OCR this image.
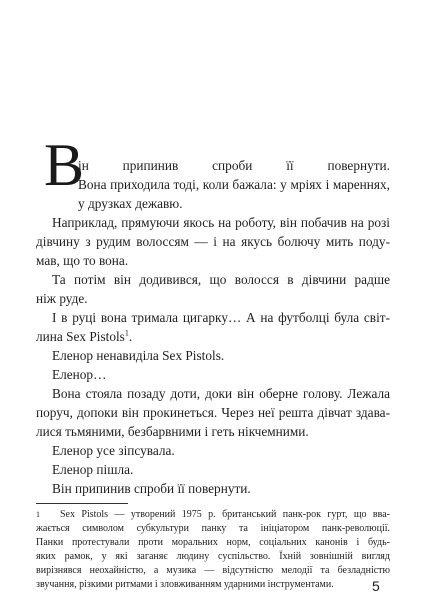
В
ін припинив спроби її повернути.
Вона приходила тоді, коли бажала: у мріях і мареннях,
у друзках дежавю.
Наприклад, прямуючи якось на роботу, він побачив на розі
дівчину з рудим волоссям — і на якусь болючу мить поду-
мав, що то вона.
Та потім він додивився, що волосся в дівчини радше
ніж руде.
І в руці вона тримала цигарку… А на футболці була світ-
лина Sex Pistols$^1$.
Еленор ненавиділа Sex Pistols.
Еленор…
Вона стояла позаду доти, доки він оберне голову. Лежала
поруч, допоки він прокинеться. Через неї решта дівчат здава-
лися тьмяними, безбарвними і геть нікчемними.
Еленор усе зіпсувала.
Еленор пішла.
Він припинив спроби її повернути.
1 Sex Pistols — утворений 1975 р. британський панк-рок гурт, що вва-
жається символом субкультури панку та ініціатором панк-революції.
Панки протестували проти моральних норм, соціальних канонів і будь-
яких рамок, у які заганяє людину суспільство. Їхній зовнішній вигляд
вирізнявся неохайністю, а музика — відсутністю мелодії та безладністю
звучання, різкими ритмами і зловживанням ударними інструментами.	5
